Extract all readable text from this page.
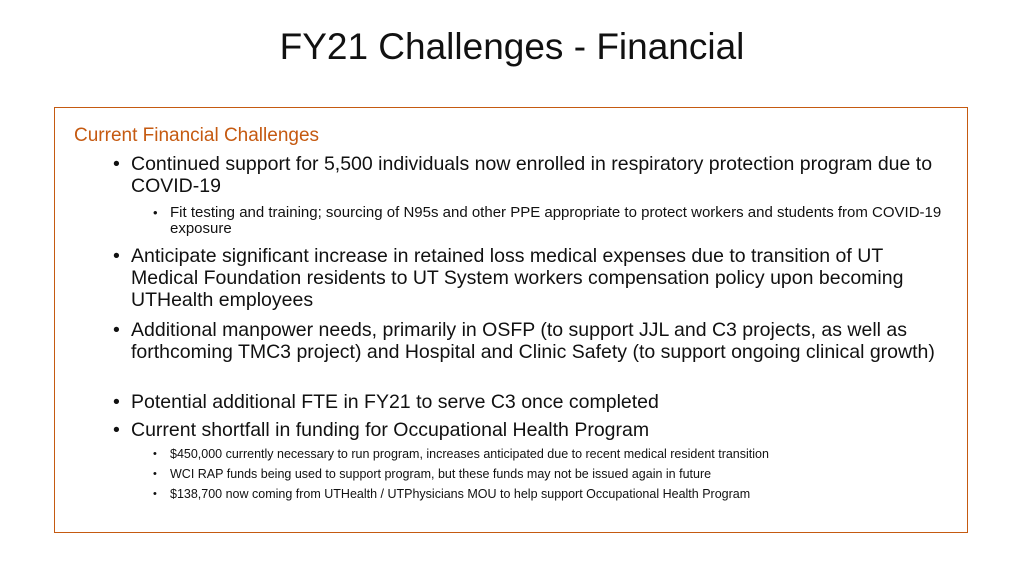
FY21 Challenges - Financial
Current Financial Challenges
• Continued support for 5,500 individuals now enrolled in respiratory protection program due to COVID-19
• Fit testing and training; sourcing of N95s and other PPE appropriate to protect workers and students from COVID-19 exposure
• Anticipate significant increase in retained loss medical expenses due to transition of UT Medical Foundation residents to UT System workers compensation policy upon becoming UTHealth employees
• Additional manpower needs, primarily in OSFP (to support JJL and C3 projects, as well as forthcoming TMC3 project) and Hospital and Clinic Safety (to support ongoing clinical growth)
• Potential additional FTE in FY21 to serve C3 once completed
• Current shortfall in funding for Occupational Health Program
• $450,000 currently necessary to run program, increases anticipated due to recent medical resident transition
• WCI RAP funds being used to support program, but these funds may not be issued again in future
• $138,700 now coming from UTHealth / UTPhysicians MOU to help support Occupational Health Program
